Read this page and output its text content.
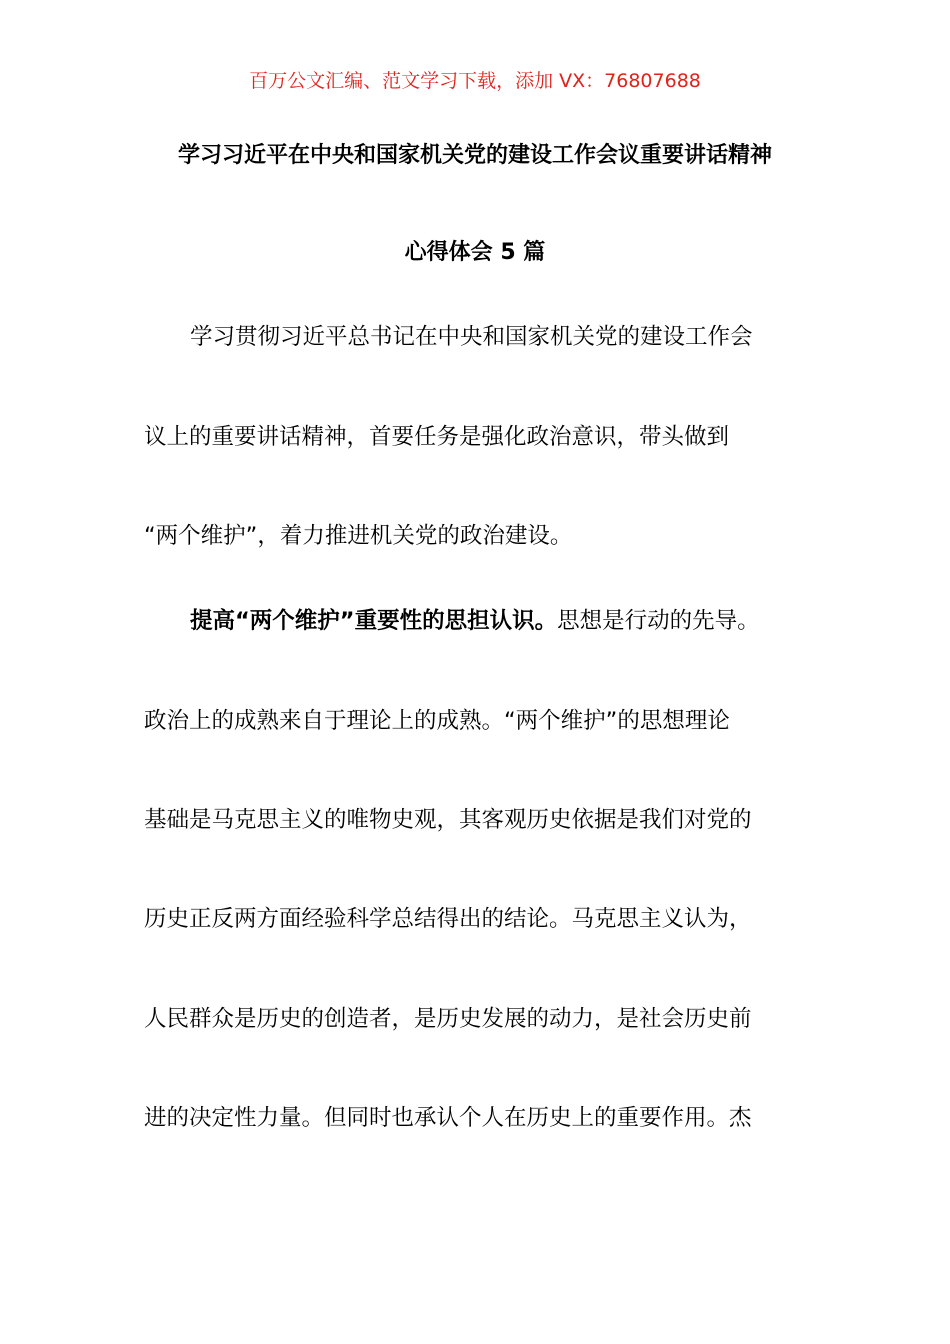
百万公文汇编、范文学习下载，添加 VX：76807688
学习习近平在中央和国家机关党的建设工作会议重要讲话精神
心得体会 5 篇
学习贯彻习近平总书记在中央和国家机关党的建设工作会
议上的重要讲话精神，首要任务是强化政治意识，带头做到
“两个维护”，着力推进机关党的政治建设。
提高“两个维护”重要性的思担认识。思想是行动的先导。
政治上的成熟来自于理论上的成熟。“两个维护”的思想理论
基础是马克思主义的唯物史观，其客观历史依据是我们对党的
历史正反两方面经验科学总结得出的结论。马克思主义认为，
人民群众是历史的创造者，是历史发展的动力，是社会历史前
进的决定性力量。但同时也承认个人在历史上的重要作用。杰
